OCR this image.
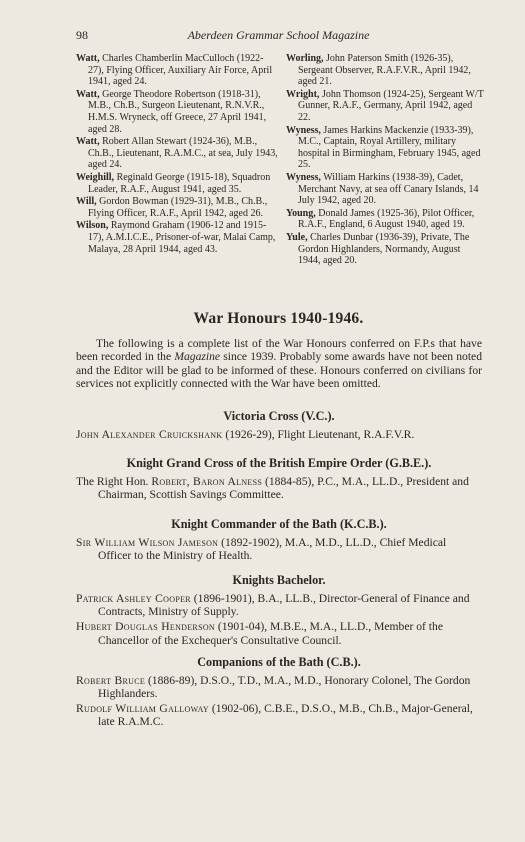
98	Aberdeen Grammar School Magazine

Watt, Charles Chamberlin MacCulloch (1922-27), Flying Officer, Auxiliary Air Force, April 1941, aged 24.

Watt, George Theodore Robertson (1918-31), M.B., Ch.B., Surgeon Lieutenant, R.N.V.R., H.M.S. Wryneck, off Greece, 27 April 1941, aged 28.

Watt, Robert Allan Stewart (1924-36), M.B., Ch.B., Lieutenant, R.A.M.C., at sea, July 1943, aged 24.

Weighill, Reginald George (1915-18), Squadron Leader, R.A.F., August 1941, aged 35.

Will, Gordon Bowman (1929-31), M.B., Ch.B., Flying Officer, R.A.F., April 1942, aged 26.

Wilson, Raymond Graham (1906-12 and 1915-17), A.M.I.C.E., Prisoner-of-war, Malai Camp, Malaya, 28 April 1944, aged 43.

Worling, John Paterson Smith (1926-35), Sergeant Observer, R.A.F.V.R., April 1942, aged 21.

Wright, John Thomson (1924-25), Sergeant W/T Gunner, R.A.F., Germany, April 1942, aged 22.

Wyness, James Harkins Mackenzie (1933-39), M.C., Captain, Royal Artillery, military hospital in Birmingham, February 1945, aged 25.

Wyness, William Harkins (1938-39), Cadet, Merchant Navy, at sea off Canary Islands, 14 July 1942, aged 20.

Young, Donald James (1925-36), Pilot Officer, R.A.F., England, 6 August 1940, aged 19.

Yule, Charles Dunbar (1936-39), Private, The Gordon Highlanders, Normandy, August 1944, aged 20.

War Honours 1940-1946.

The following is a complete list of the War Honours conferred on F.P.s that have been recorded in the Magazine since 1939. Probably some awards have not been noted and the Editor will be glad to be informed of these. Honours conferred on civilians for services not explicitly connected with the War have been omitted.

Victoria Cross (V.C.).

John Alexander Cruickshank (1926-29), Flight Lieutenant, R.A.F.V.R.

Knight Grand Cross of the British Empire Order (G.B.E.).

The Right Hon. Robert, Baron Alness (1884-85), P.C., M.A., LL.D., President and Chairman, Scottish Savings Committee.

Knight Commander of the Bath (K.C.B.).

Sir William Wilson Jameson (1892-1902), M.A., M.D., LL.D., Chief Medical Officer to the Ministry of Health.

Knights Bachelor.

Patrick Ashley Cooper (1896-1901), B.A., LL.B., Director-General of Finance and Contracts, Ministry of Supply.

Hubert Douglas Henderson (1901-04), M.B.E., M.A., LL.D., Member of the Chancellor of the Exchequer's Consultative Council.

Companions of the Bath (C.B.).

Robert Bruce (1886-89), D.S.O., T.D., M.A., M.D., Honorary Colonel, The Gordon Highlanders.

Rudolf William Galloway (1902-06), C.B.E., D.S.O., M.B., Ch.B., Major-General, late R.A.M.C.
